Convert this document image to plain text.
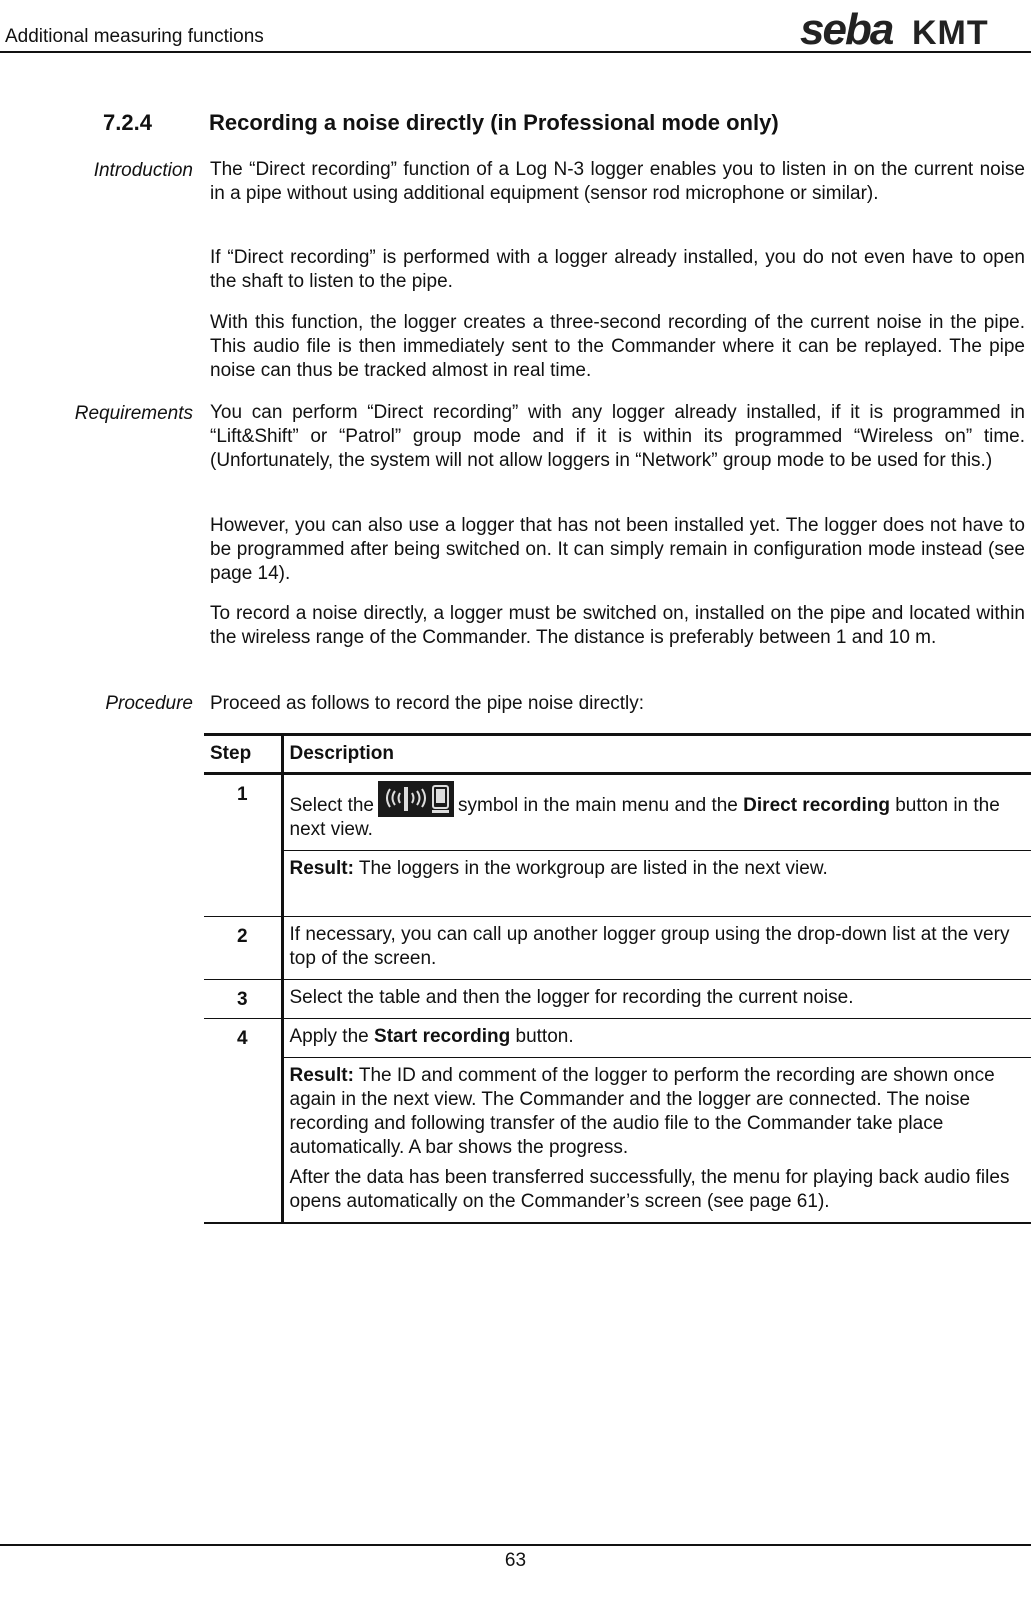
Additional measuring functions	seba KMT
7.2.4	Recording a noise directly (in Professional mode only)
Introduction The “Direct recording” function of a Log N-3 logger enables you to listen in on the current noise in a pipe without using additional equipment (sensor rod microphone or similar).
If “Direct recording” is performed with a logger already installed, you do not even have to open the shaft to listen to the pipe.
With this function, the logger creates a three-second recording of the current noise in the pipe. This audio file is then immediately sent to the Commander where it can be replayed. The pipe noise can thus be tracked almost in real time.
Requirements You can perform “Direct recording” with any logger already installed, if it is programmed in “Lift&Shift” or “Patrol” group mode and if it is within its programmed “Wireless on” time. (Unfortunately, the system will not allow loggers in “Network” group mode to be used for this.)
However, you can also use a logger that has not been installed yet. The logger does not have to be programmed after being switched on. It can simply remain in configuration mode instead (see page 14).
To record a noise directly, a logger must be switched on, installed on the pipe and located within the wireless range of the Commander. The distance is preferably between 1 and 10 m.
Procedure Proceed as follows to record the pipe noise directly:
Step	Description
1	Select the symbol in the main menu and the Direct recording button in the next view.
	Result: The loggers in the workgroup are listed in the next view.
2	If necessary, you can call up another logger group using the drop-down list at the very top of the screen.
3	Select the table and then the logger for recording the current noise.
4	Apply the Start recording button.
	Result: The ID and comment of the logger to perform the recording are shown once again in the next view. The Commander and the logger are connected. The noise recording and following transfer of the audio file to the Commander take place automatically. A bar shows the progress.
After the data has been transferred successfully, the menu for playing back audio files opens automatically on the Commander’s screen (see page 61).
63
